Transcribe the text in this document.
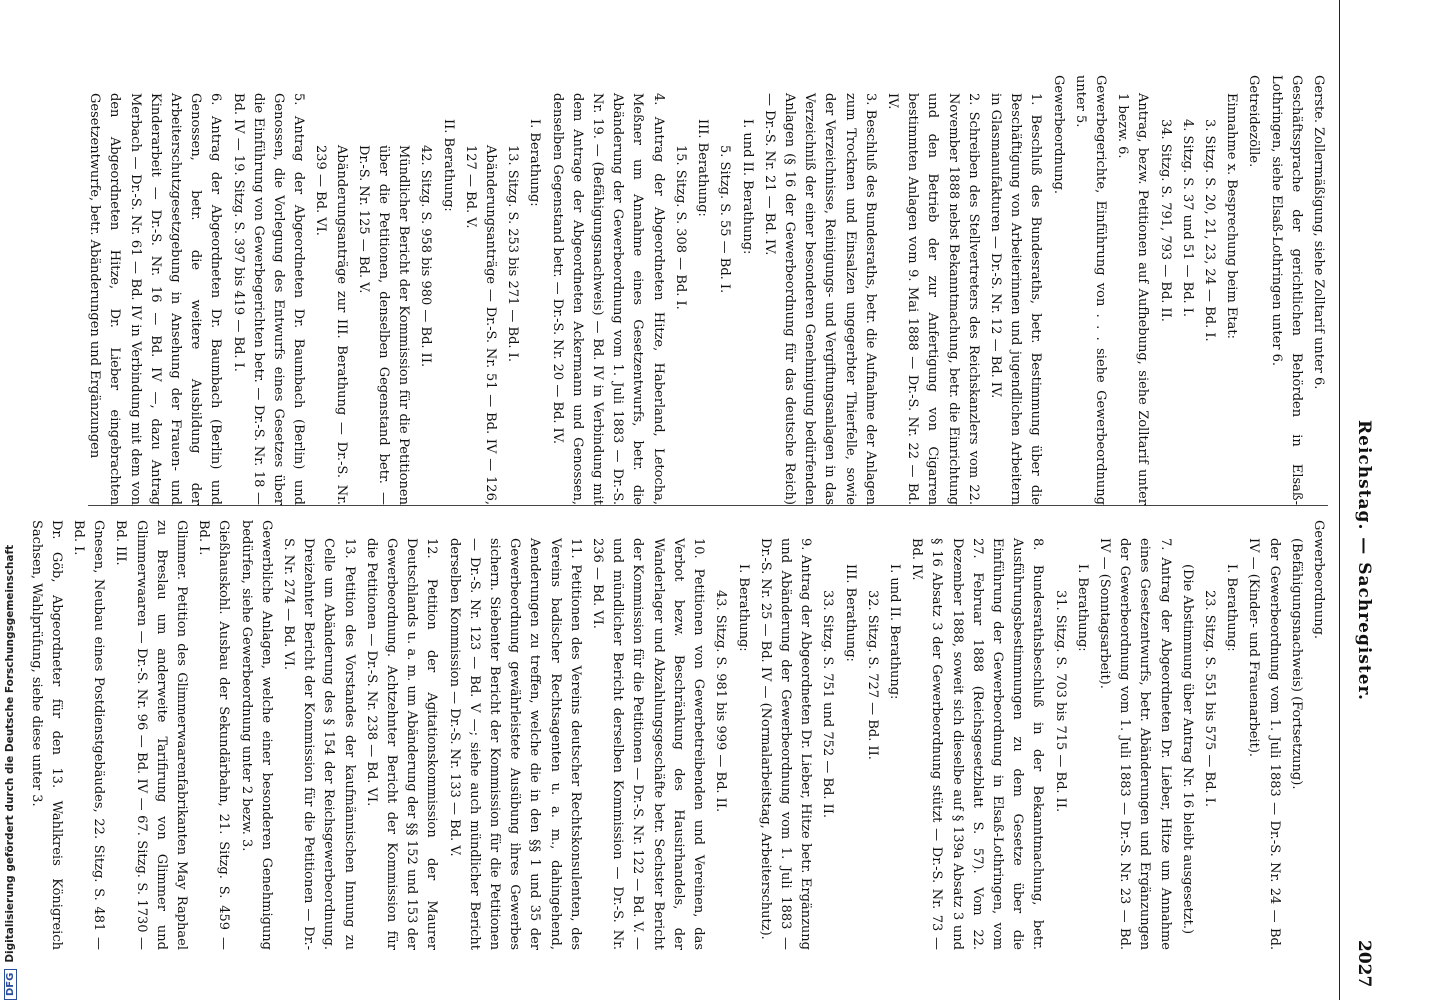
Reichstag. — Sachregister.
2027

Gerste. Zollermäßigung, siehe Zolltarif unter 6.

Geschäftssprache der gerichtlichen Behörden in Elsaß-Lothringen, siehe Elsaß-Lothringen unter 6.

Getreidezölle.

Einnahme x. Besprechung beim Etat:

3. Sitzg. S. 20, 21, 23, 24 — Bd. I.

4. Sitzg. S. 37 und 51 — Bd. I.

34. Sitzg. S. 791, 793 — Bd. II.

Antrag, bezw. Petitionen auf Aufhebung, siehe Zolltarif unter 1 bezw. 6.

Gewerbegerichte, Einführung von . . . siehe Gewerbeordnung unter 5.

Gewerbeordnung.

1. Beschluß des Bundesraths, betr. Bestimmung über die Beschäftigung von Arbeiterinnen und jugendlichen Arbeitern in Glasmanufakturen — Dr.-S. Nr. 12 — Bd. IV.

2. Schreiben des Stellvertreters des Reichskanzlers vom 22. November 1888 nebst Bekanntmachung, betr. die Einrichtung und den Betrieb der zur Anfertigung von Cigarren bestimmten Anlagen vom 9. Mai 1888 — Dr.-S. Nr. 22 — Bd. IV.

3. Beschluß des Bundesraths, betr. die Aufnahme der Anlagen zum Trocknen und Einsalzen ungegerbter Thierfelle, sowie der Verzeichnisse, Reinigungs- und Vergiftungsanlagen in das Verzeichniß der einer besonderen Genehmigung bedürfenden Anlagen (§ 16 der Gewerbeordnung für das deutsche Reich) — Dr.-S. Nr. 21 — Bd. IV.

I. und II. Berathung:

5. Sitzg. S. 55 — Bd. I.

III. Berathung:

15. Sitzg. S. 308 — Bd. I.

4. Antrag der Abgeordneten Hitze, Haberland, Letocha, Meßner um Annahme eines Gesetzentwurfs, betr. die Abänderung der Gewerbeordnung vom 1. Juli 1883 — Dr.-S. Nr. 19. — (Befähigungsnachweis) — Bd. IV in Verbindung mit dem Antrage der Abgeordneten Ackermann und Genossen, denselben Gegenstand betr. — Dr.-S. Nr. 20 — Bd. IV.

I. Berathung:

13. Sitzg. S. 253 bis 271 — Bd. I.

Abänderungsanträge — Dr.-S. Nr. 51 — Bd. IV — 126, 127 — Bd. V.

II. Berathung:

42. Sitzg. S. 958 bis 980 — Bd. II.

Mündlicher Bericht der Kommission für die Petitionen über die Petitionen, denselben Gegenstand betr. — Dr.-S. Nr. 125 — Bd. V.

Abänderungsanträge zur III. Berathung — Dr.-S. Nr. 239 — Bd. VI.

5. Antrag der Abgeordneten Dr. Baumbach (Berlin) und Genossen, die Vorlegung des Entwurfs eines Gesetzes über die Einführung von Gewerbegerichten betr. — Dr.-S. Nr. 18 — Bd. IV — 19. Sitzg. S. 397 bis 419 — Bd. I.

6. Antrag der Abgeordneten Dr. Baumbach (Berlin) und Genossen, betr. die weitere Ausbildung der Arbeiterschutzgesetzgebung in Ansehung der Frauen- und Kinderarbeit — Dr.-S. Nr. 16 — Bd. IV —, dazu Antrag Merbach — Dr.-S. Nr. 61 — Bd. IV in Verbindung mit dem von den Abgeordneten Hitze, Dr. Lieber eingebrachten Gesetzentwurfe, betr. Abänderungen und Ergänzungen

Gewerbeordnung.

(Befähigungsnachweis) (Fortsetzung).

der Gewerbeordnung vom 1. Juli 1883 — Dr.-S. Nr. 24 — Bd. IV — (Kinder- und Frauenarbeit).

I. Berathung:

23. Sitzg. S. 551 bis 575 — Bd. I.

(Die Abstimmung über Antrag Nr. 16 bleibt ausgesetzt.)

7. Antrag der Abgeordneten Dr. Lieber, Hitze um Annahme eines Gesetzentwurfs, betr. Abänderungen und Ergänzungen der Gewerbeordnung vom 1. Juli 1883 — Dr.-S. Nr. 23 — Bd. IV — (Sonntagsarbeit).

I. Berathung:

31. Sitzg. S. 703 bis 715 — Bd. II.

8. Bundesrathsbeschluß in der Bekanntmachung, betr. Ausführungsbestimmungen zu dem Gesetze über die Einführung der Gewerbeordnung in Elsaß-Lothringen, vom 27. Februar 1888 (Reichsgesetzblatt S. 57). Vom 22. Dezember 1888, soweit sich dieselbe auf § 139a Absatz 3 und § 16 Absatz 3 der Gewerbeordnung stützt — Dr.-S. Nr. 73 — Bd. IV.

I. und II. Berathung:

32. Sitzg. S. 727 — Bd. II.

III. Berathung:

33. Sitzg. S. 751 und 752 — Bd. II.

9. Antrag der Abgeordneten Dr. Lieber, Hitze betr. Ergänzung und Abänderung der Gewerbeordnung vom 1. Juli 1883 — Dr.-S. Nr. 25 — Bd. IV — (Normalarbeitstag, Arbeiterschutz).

I. Berathung:

43. Sitzg. S. 981 bis 999 — Bd. II.

10. Petitionen von Gewerbetreibenden und Vereinen, das Verbot bezw. Beschränkung des Hausirhandels, der Wanderlager und Abzahlungsgeschäfte betr. Sechster Bericht der Kommission für die Petitionen — Dr.-S. Nr. 122 — Bd. V. — und mündlicher Bericht derselben Kommission — Dr.-S. Nr. 236 — Bd. VI.

11. Petitionen des Vereins deutscher Rechtskonsulenten, des Vereins badischer Rechtsagenten u. a. m., dahingehend, Aenderungen zu treffen, welche die in den §§ 1 und 35 der Gewerbeordnung gewährleistete Ausübung ihres Gewerbes sichern. Siebenter Bericht der Kommission für die Petitionen — Dr.-S. Nr. 123 — Bd. V —; siehe auch mündlicher Bericht derselben Kommission — Dr.-S. Nr. 133 — Bd. V.

12. Petition der Agitationskommission der Maurer Deutschlands u. a. m. um Abänderung der §§ 152 und 153 der Gewerbeordnung. Achtzehnter Bericht der Kommission für die Petitionen — Dr.-S. Nr. 238 — Bd. VI.

13. Petition des Vorstandes der kaufmännischen Innung zu Celle um Abänderung des § 154 der Reichsgewerbeordnung. Dreizehnter Bericht der Kommission für die Petitionen — Dr.-S. Nr. 274 — Bd. VI.

Gewerbliche Anlagen, welche einer besonderen Genehmigung bedürfen, siehe Gewerbeordnung unter 2 bezw. 3.

Gießhauskohl. Ausbau der Sekundärbahn, 21. Sitzg. S. 459 — Bd. I.

Glimmer. Petition des Glimmerwaarenfabrikanten May Raphael zu Breslau um anderweite Tarifirung von Glimmer und Glimmerwaaren — Dr.-S. Nr. 96 — Bd. IV — 67. Sitzg. S. 1730 — Bd. III.

Gnesen, Neubau eines Postdienstgebäudes, 22. Sitzg. S. 481 — Bd. I.

Dr. Göb, Abgeordneter für den 13. Wahlkreis Königreich Sachsen, Wahlprüfung, siehe diese unter 3.

DFGDigitalisierung gefördert durch die Deutsche Forschungsgemeinschaft
